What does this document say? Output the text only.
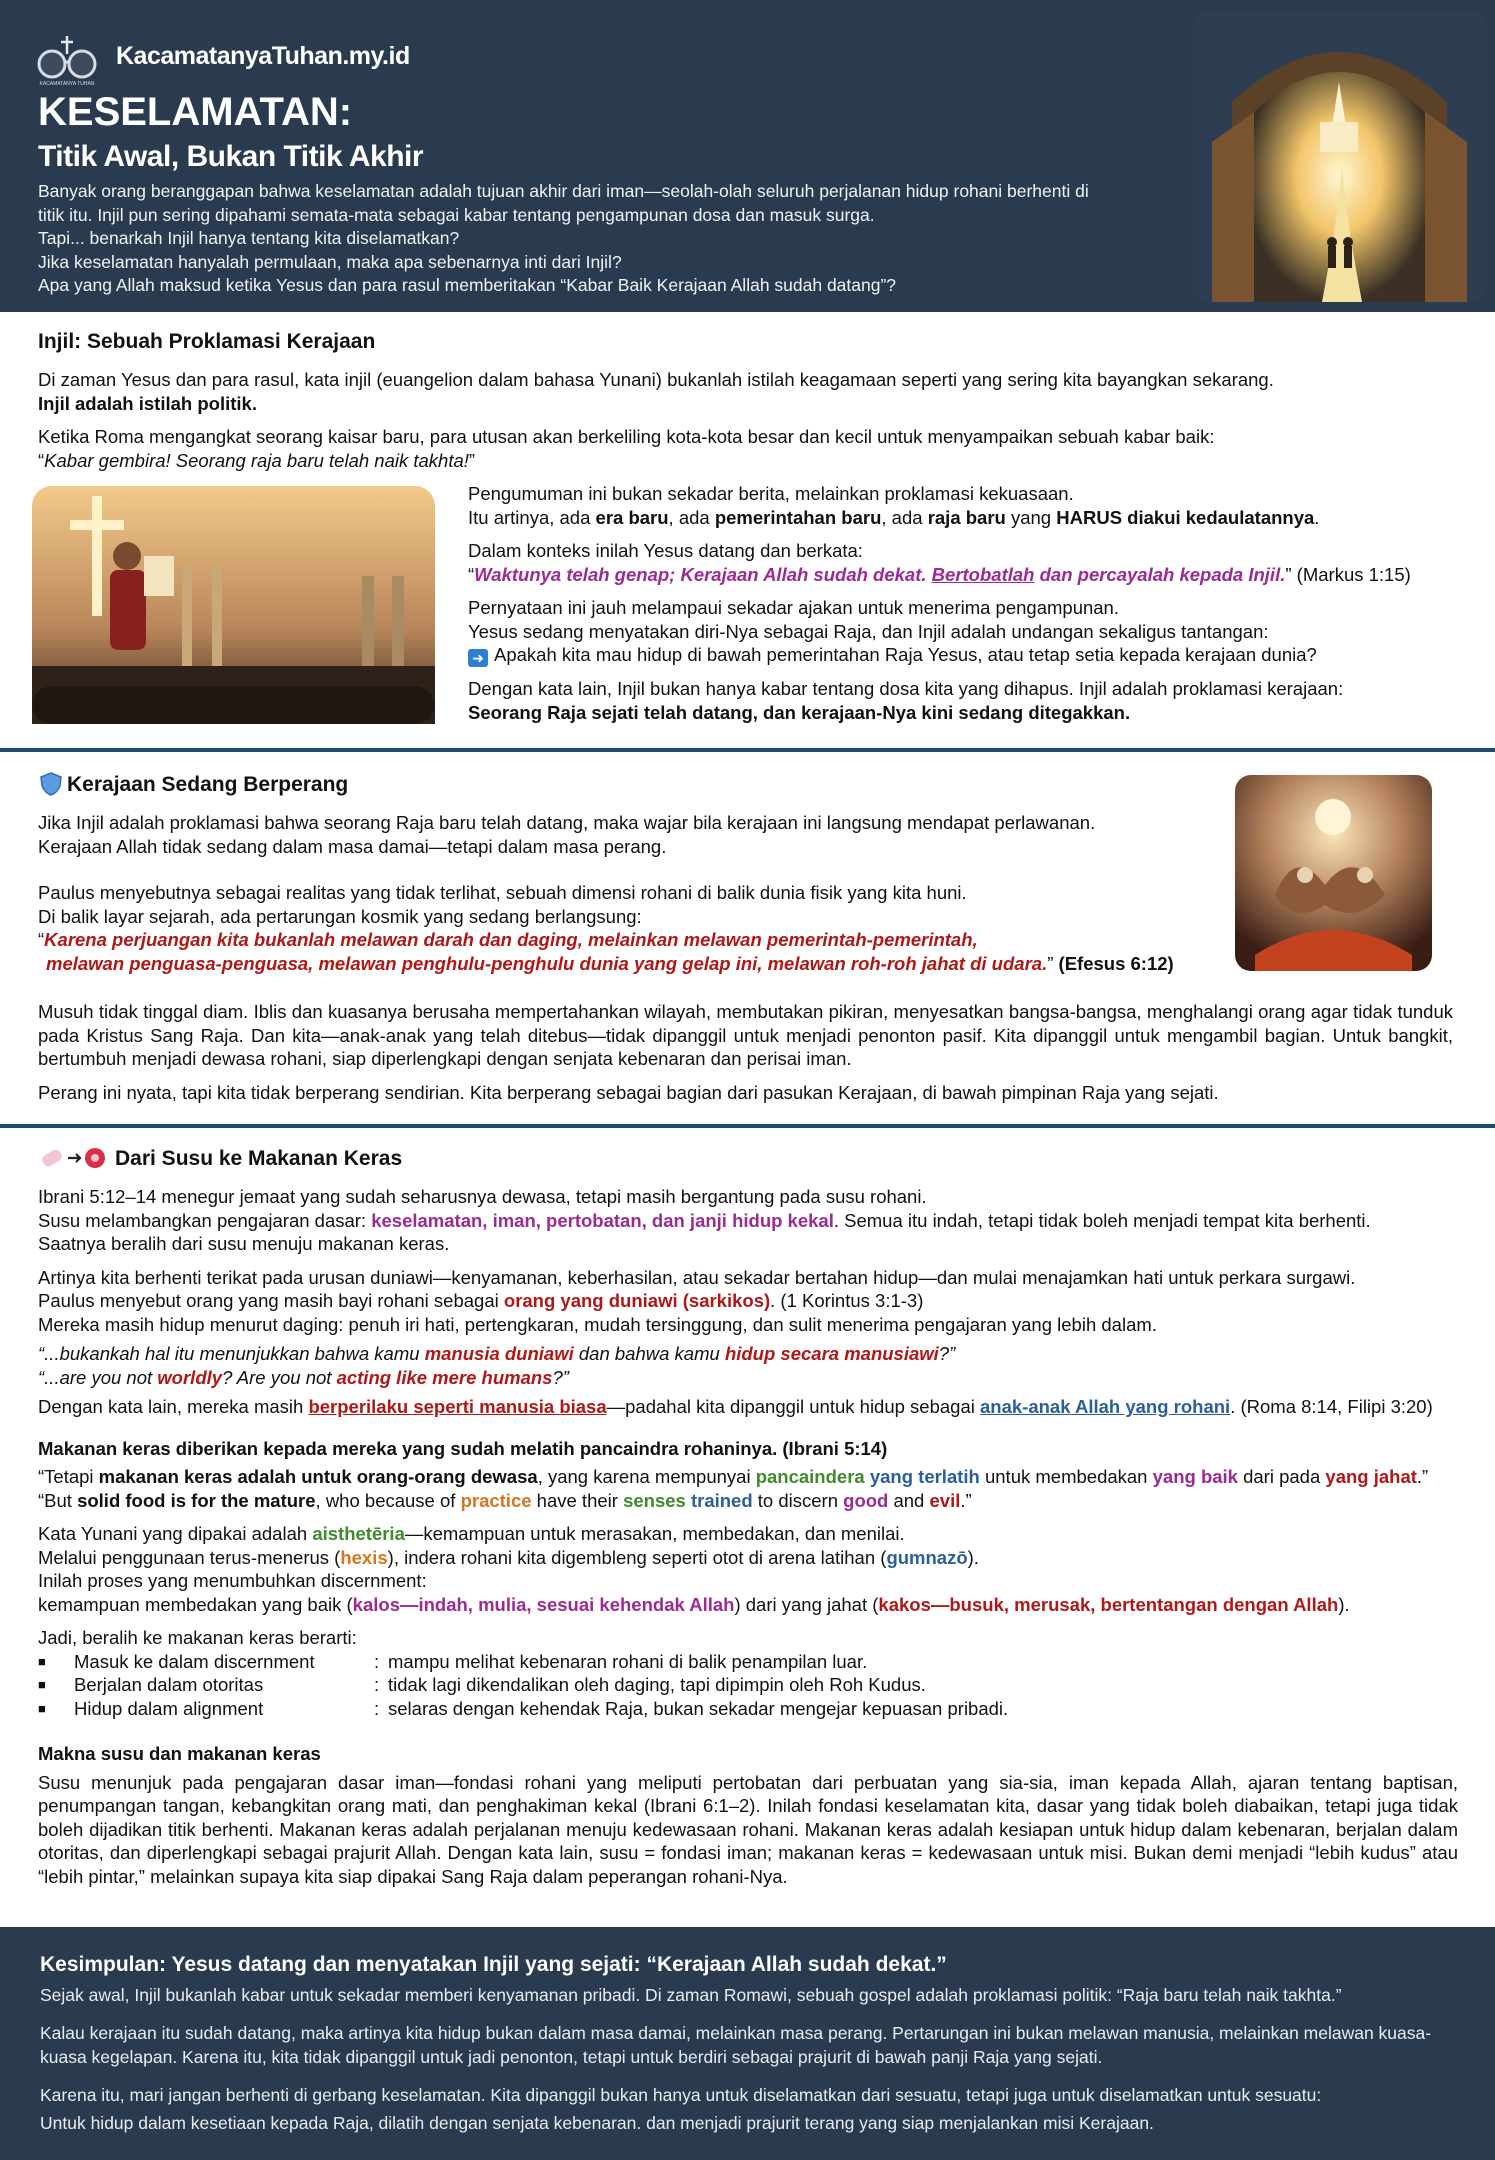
KACAMATANYA TUHAN
KacamatanyaTuhan.my.id
KESELAMATAN:
Titik Awal, Bukan Titik Akhir

Banyak orang beranggapan bahwa keselamatan adalah tujuan akhir dari iman—seolah-olah seluruh perjalanan hidup rohani berhenti di

titik itu. Injil pun sering dipahami semata-mata sebagai kabar tentang pengampunan dosa dan masuk surga.

Tapi... benarkah Injil hanya tentang kita diselamatkan?

Jika keselamatan hanyalah permulaan, maka apa sebenarnya inti dari Injil?

Apa yang Allah maksud ketika Yesus dan para rasul memberitakan “Kabar Baik Kerajaan Allah sudah datang”?

Injil: Sebuah Proklamasi Kerajaan

Di zaman Yesus dan para rasul, kata injil (euangelion dalam bahasa Yunani) bukanlah istilah keagamaan seperti yang sering kita bayangkan sekarang.

Injil adalah istilah politik.

Ketika Roma mengangkat seorang kaisar baru, para utusan akan berkeliling kota-kota besar dan kecil untuk menyampaikan sebuah kabar baik:

“Kabar gembira! Seorang raja baru telah naik takhta!”

Pengumuman ini bukan sekadar berita, melainkan proklamasi kekuasaan.

Itu artinya, ada era baru, ada pemerintahan baru, ada raja baru yang HARUS diakui kedaulatannya.

Dalam konteks inilah Yesus datang dan berkata:

“Waktunya telah genap; Kerajaan Allah sudah dekat. Bertobatlah dan percayalah kepada Injil.” (Markus 1:15)

Pernyataan ini jauh melampaui sekadar ajakan untuk menerima pengampunan.

Yesus sedang menyatakan diri-Nya sebagai Raja, dan Injil adalah undangan sekaligus tantangan:

➜ Apakah kita mau hidup di bawah pemerintahan Raja Yesus, atau tetap setia kepada kerajaan dunia?

Dengan kata lain, Injil bukan hanya kabar tentang dosa kita yang dihapus. Injil adalah proklamasi kerajaan:

Seorang Raja sejati telah datang, dan kerajaan-Nya kini sedang ditegakkan.

Kerajaan Sedang Berperang

Jika Injil adalah proklamasi bahwa seorang Raja baru telah datang, maka wajar bila kerajaan ini langsung mendapat perlawanan.

Kerajaan Allah tidak sedang dalam masa damai—tetapi dalam masa perang.

Paulus menyebutnya sebagai realitas yang tidak terlihat, sebuah dimensi rohani di balik dunia fisik yang kita huni.

Di balik layar sejarah, ada pertarungan kosmik yang sedang berlangsung:

“Karena perjuangan kita bukanlah melawan darah dan daging, melainkan melawan pemerintah-pemerintah,

melawan penguasa-penguasa, melawan penghulu-penghulu dunia yang gelap ini, melawan roh-roh jahat di udara.” (Efesus 6:12)

Musuh tidak tinggal diam. Iblis dan kuasanya berusaha mempertahankan wilayah, membutakan pikiran, menyesatkan bangsa-bangsa, menghalangi orang agar tidak tunduk pada Kristus Sang Raja. Dan kita—anak-anak yang telah ditebus—tidak dipanggil untuk menjadi penonton pasif. Kita dipanggil untuk mengambil bagian. Untuk bangkit, bertumbuh menjadi dewasa rohani, siap diperlengkapi dengan senjata kebenaran dan perisai iman.

Perang ini nyata, tapi kita tidak berperang sendirian. Kita berperang sebagai bagian dari pasukan Kerajaan, di bawah pimpinan Raja yang sejati.

Dari Susu ke Makanan Keras

Ibrani 5:12–14 menegur jemaat yang sudah seharusnya dewasa, tetapi masih bergantung pada susu rohani.

Susu melambangkan pengajaran dasar: keselamatan, iman, pertobatan, dan janji hidup kekal. Semua itu indah, tetapi tidak boleh menjadi tempat kita berhenti.

Saatnya beralih dari susu menuju makanan keras.

Artinya kita berhenti terikat pada urusan duniawi—kenyamanan, keberhasilan, atau sekadar bertahan hidup—dan mulai menajamkan hati untuk perkara surgawi.

Paulus menyebut orang yang masih bayi rohani sebagai orang yang duniawi (sarkikos). (1 Korintus 3:1-3)

Mereka masih hidup menurut daging: penuh iri hati, pertengkaran, mudah tersinggung, dan sulit menerima pengajaran yang lebih dalam.

“...bukankah hal itu menunjukkan bahwa kamu manusia duniawi dan bahwa kamu hidup secara manusiawi?”

“...are you not worldly? Are you not acting like mere humans?”

Dengan kata lain, mereka masih berperilaku seperti manusia biasa—padahal kita dipanggil untuk hidup sebagai anak-anak Allah yang rohani. (Roma 8:14, Filipi 3:20)

Makanan keras diberikan kepada mereka yang sudah melatih pancaindra rohaninya. (Ibrani 5:14)

“Tetapi makanan keras adalah untuk orang-orang dewasa, yang karena mempunyai pancaindera yang terlatih untuk membedakan yang baik dari pada yang jahat.”

“But solid food is for the mature, who because of practice have their senses trained to discern good and evil.”

Kata Yunani yang dipakai adalah aisthetēria—kemampuan untuk merasakan, membedakan, dan menilai.

Melalui penggunaan terus-menerus (hexis), indera rohani kita digembleng seperti otot di arena latihan (gumnazō).

Inilah proses yang menumbuhkan discernment:

kemampuan membedakan yang baik (kalos—indah, mulia, sesuai kehendak Allah) dari yang jahat (kakos—busuk, merusak, bertentangan dengan Allah).

Jadi, beralih ke makanan keras berarti:

■	Masuk ke dalam discernment	:	mampu melihat kebenaran rohani di balik penampilan luar.
■	Berjalan dalam otoritas	:	tidak lagi dikendalikan oleh daging, tapi dipimpin oleh Roh Kudus.
■	Hidup dalam alignment	:	selaras dengan kehendak Raja, bukan sekadar mengejar kepuasan pribadi.

Makna susu dan makanan keras

Susu menunjuk pada pengajaran dasar iman—fondasi rohani yang meliputi pertobatan dari perbuatan yang sia-sia, iman kepada Allah, ajaran tentang baptisan, penumpangan tangan, kebangkitan orang mati, dan penghakiman kekal (Ibrani 6:1–2). Inilah fondasi keselamatan kita, dasar yang tidak boleh diabaikan, tetapi juga tidak boleh dijadikan titik berhenti. Makanan keras adalah perjalanan menuju kedewasaan rohani. Makanan keras adalah kesiapan untuk hidup dalam kebenaran, berjalan dalam otoritas, dan diperlengkapi sebagai prajurit Allah. Dengan kata lain, susu = fondasi iman; makanan keras = kedewasaan untuk misi. Bukan demi menjadi “lebih kudus” atau “lebih pintar,” melainkan supaya kita siap dipakai Sang Raja dalam peperangan rohani-Nya.

Kesimpulan: Yesus datang dan menyatakan Injil yang sejati: “Kerajaan Allah sudah dekat.”

Sejak awal, Injil bukanlah kabar untuk sekadar memberi kenyamanan pribadi. Di zaman Romawi, sebuah gospel adalah proklamasi politik: “Raja baru telah naik takhta.”

Kalau kerajaan itu sudah datang, maka artinya kita hidup bukan dalam masa damai, melainkan masa perang. Pertarungan ini bukan melawan manusia, melainkan melawan kuasa-kuasa kegelapan. Karena itu, kita tidak dipanggil untuk jadi penonton, tetapi untuk berdiri sebagai prajurit di bawah panji Raja yang sejati.

Karena itu, mari jangan berhenti di gerbang keselamatan. Kita dipanggil bukan hanya untuk diselamatkan dari sesuatu, tetapi juga untuk diselamatkan untuk sesuatu:

Untuk hidup dalam kesetiaan kepada Raja, dilatih dengan senjata kebenaran. dan menjadi prajurit terang yang siap menjalankan misi Kerajaan.
